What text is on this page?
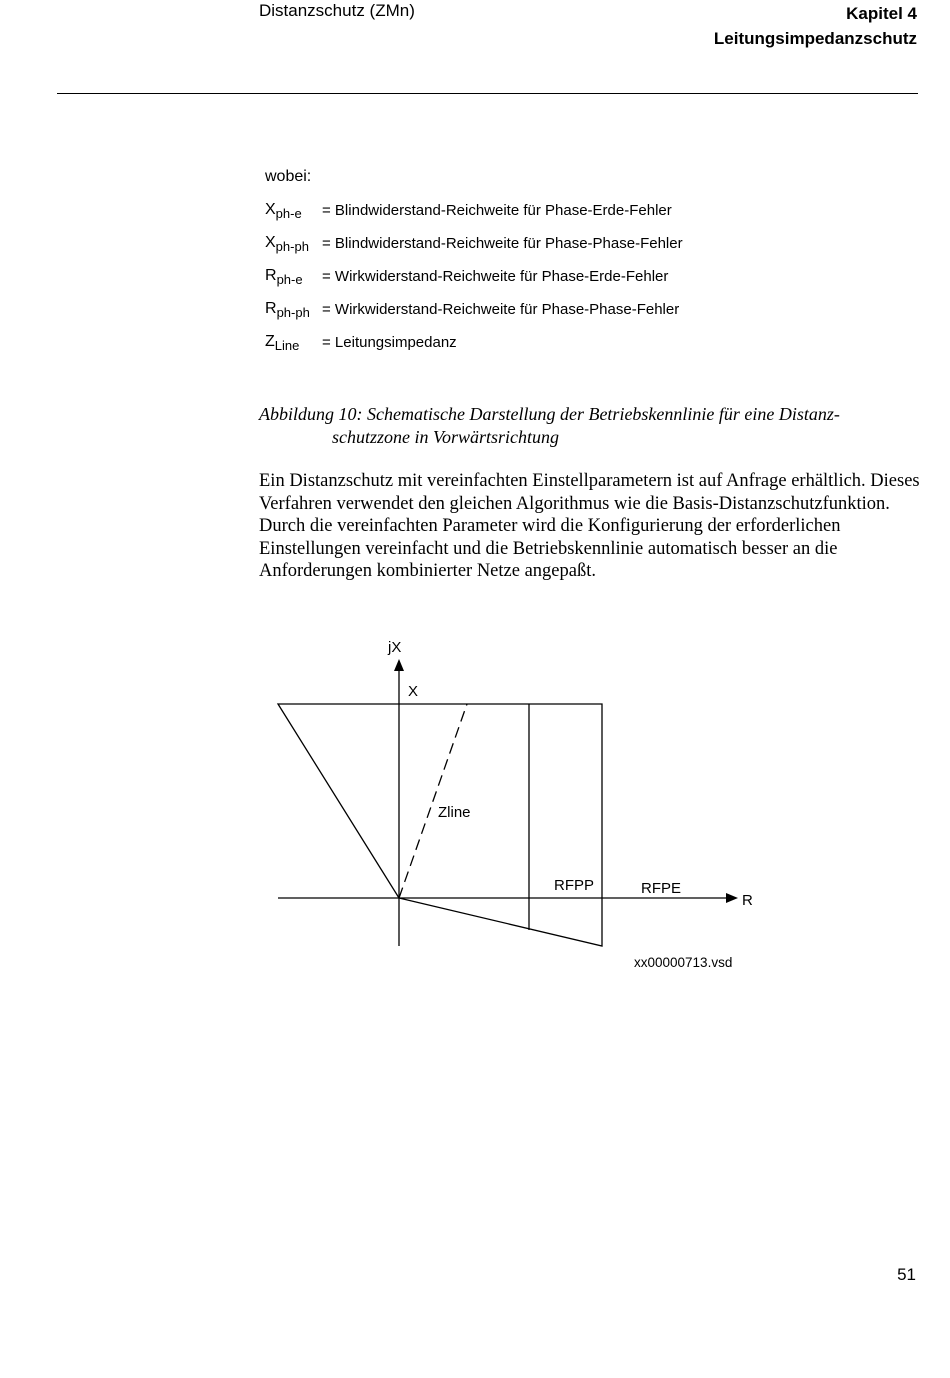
Distanzschutz (ZMn)	Kapitel 4
Leitungsimpedanzschutz
wobei:
$X_{ph-e}$ = Blindwiderstand-Reichweite für Phase-Erde-Fehler
$X_{ph-ph}$ = Blindwiderstand-Reichweite für Phase-Phase-Fehler
$R_{ph-e}$ = Wirkwiderstand-Reichweite für Phase-Erde-Fehler
$R_{ph-ph}$ = Wirkwiderstand-Reichweite für Phase-Phase-Fehler
$Z_{Line}$ = Leitungsimpedanz
Abbildung 10: Schematische Darstellung der Betriebskennlinie für eine Distanz-
schutzzone in Vorwärtsrichtung
Ein Distanzschutz mit vereinfachten Einstellparametern ist auf Anfrage erhältlich. Dieses Verfahren verwendet den gleichen Algorithmus wie die Basis-Distanzschutzfunktion. Durch die vereinfachten Parameter wird die Konfigurierung der erforderlichen Einstellungen vereinfacht und die Betriebskennlinie automatisch besser an die Anforderungen kombinierter Netze angepaßt.
jX
X
Zline
RFPP	RFPE
R
xx00000713.vsd
51
